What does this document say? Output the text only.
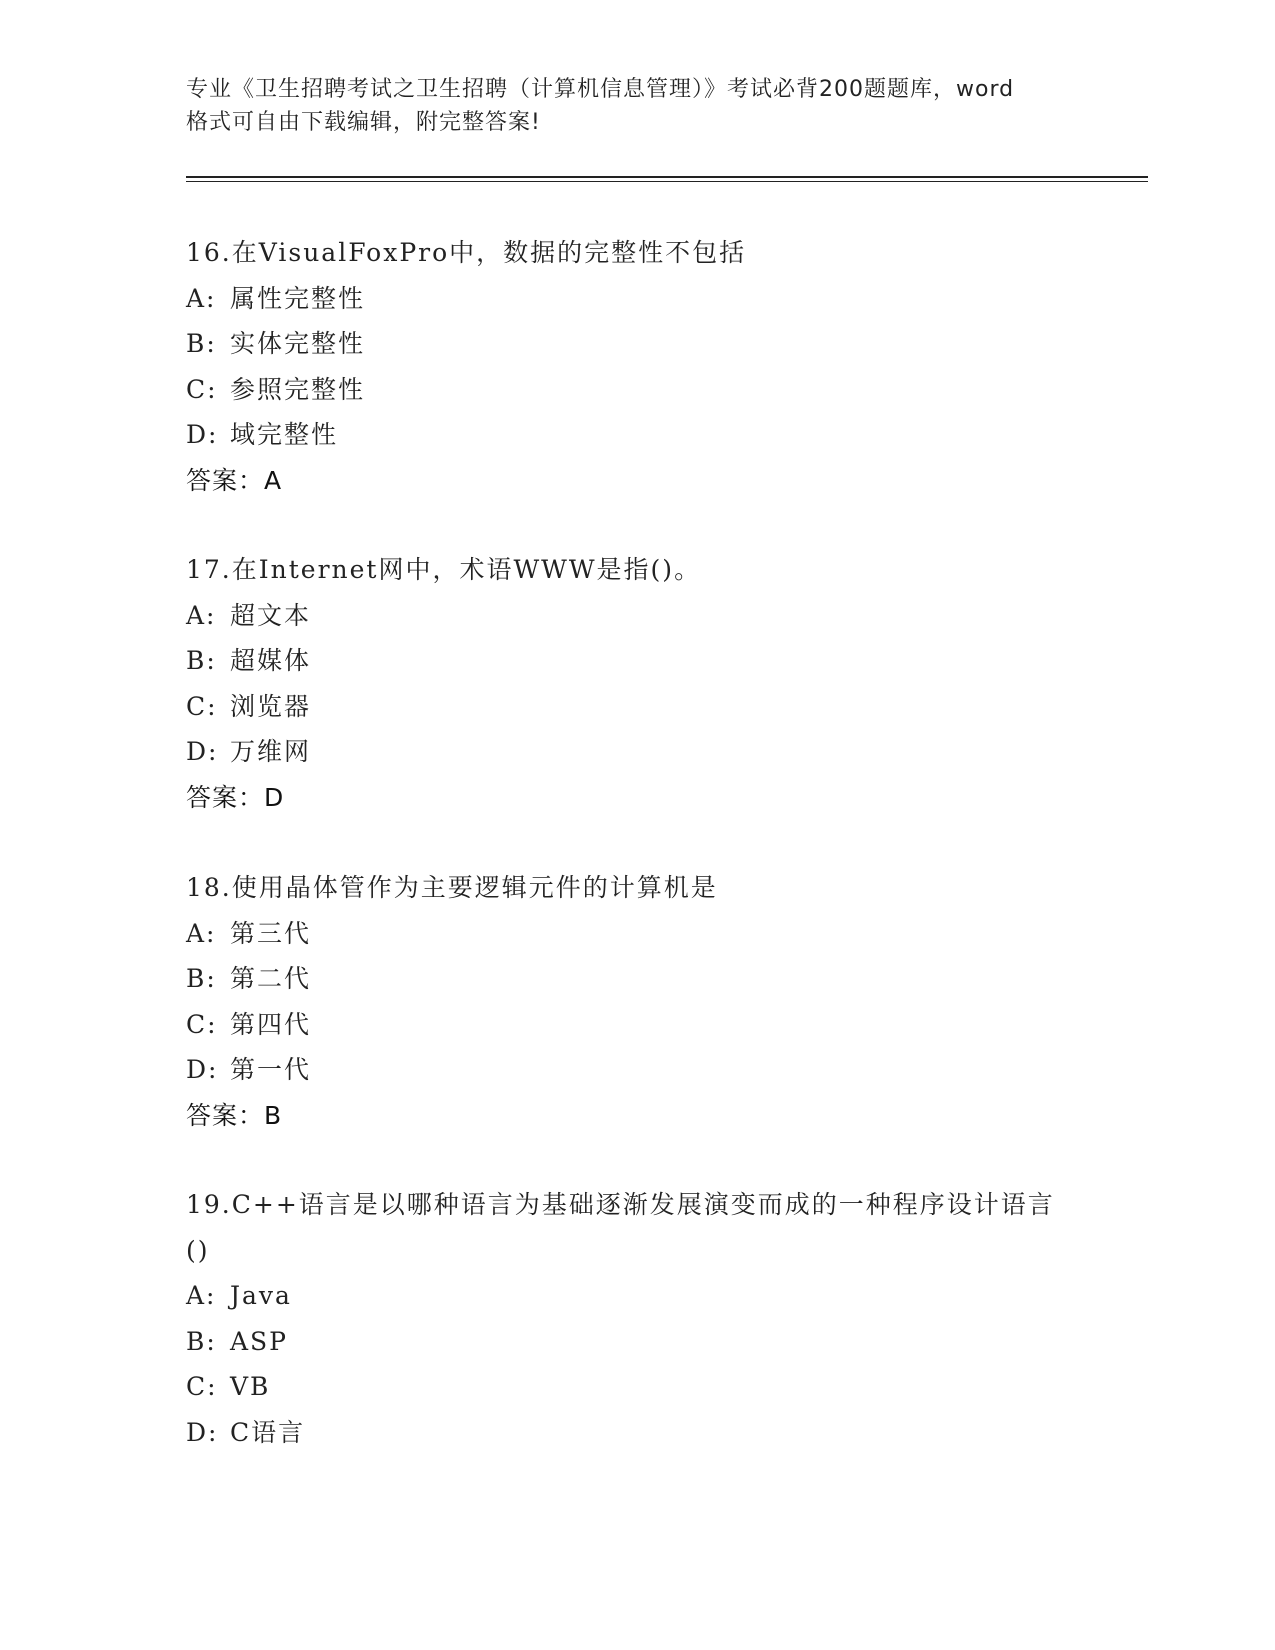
专业《卫生招聘考试之卫生招聘（计算机信息管理）》考试必背200题题库，word
格式可自由下载编辑，附完整答案!
16.在VisualFoxPro中，数据的完整性不包括
A: 属性完整性
B: 实体完整性
C: 参照完整性
D: 域完整性
答案：A
17.在Internet网中，术语WWW是指()。
A: 超文本
B: 超媒体
C: 浏览器
D: 万维网
答案：D
18.使用晶体管作为主要逻辑元件的计算机是
A: 第三代
B: 第二代
C: 第四代
D: 第一代
答案：B
19.C++语言是以哪种语言为基础逐渐发展演变而成的一种程序设计语言()
A: Java
B: ASP
C: VB
D: C语言
